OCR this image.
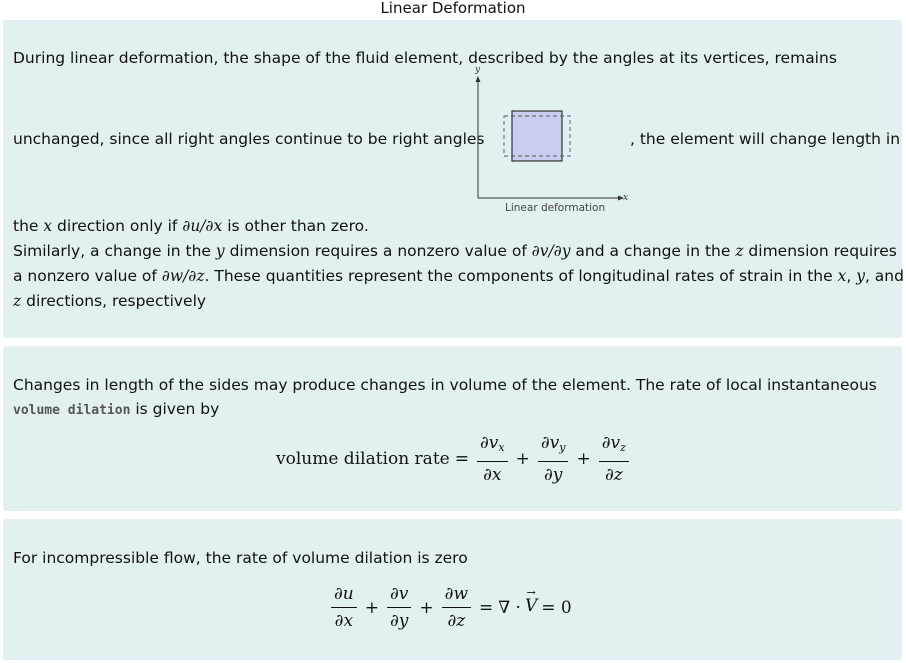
Linear Deformation
During linear deformation, the shape of the fluid element, described by the angles at its vertices, remains
unchanged, since all right angles continue to be right angles	, the element will change length in
the x direction only if ∂u/∂x is other than zero.
Similarly, a change in the y dimension requires a nonzero value of ∂v/∂y and a change in the z dimension requires
a nonzero value of ∂w/∂z. These quantities represent the components of longitudinal rates of strain in the x, y, and
z directions, respectively
y
x
Linear deformation
Changes in length of the sides may produce changes in volume of the element. The rate of local instantaneous
volume dilation is given by
volume dilation rate = $\frac{\partial v_x}{\partial x} + \frac{\partial v_y}{\partial y} + \frac{\partial v_z}{\partial z}$
For incompressible flow, the rate of volume dilation is zero
$\frac{\partial u}{\partial x} + \frac{\partial v}{\partial y} + \frac{\partial w}{\partial z}$ = ∇ ·
→
V = 0
